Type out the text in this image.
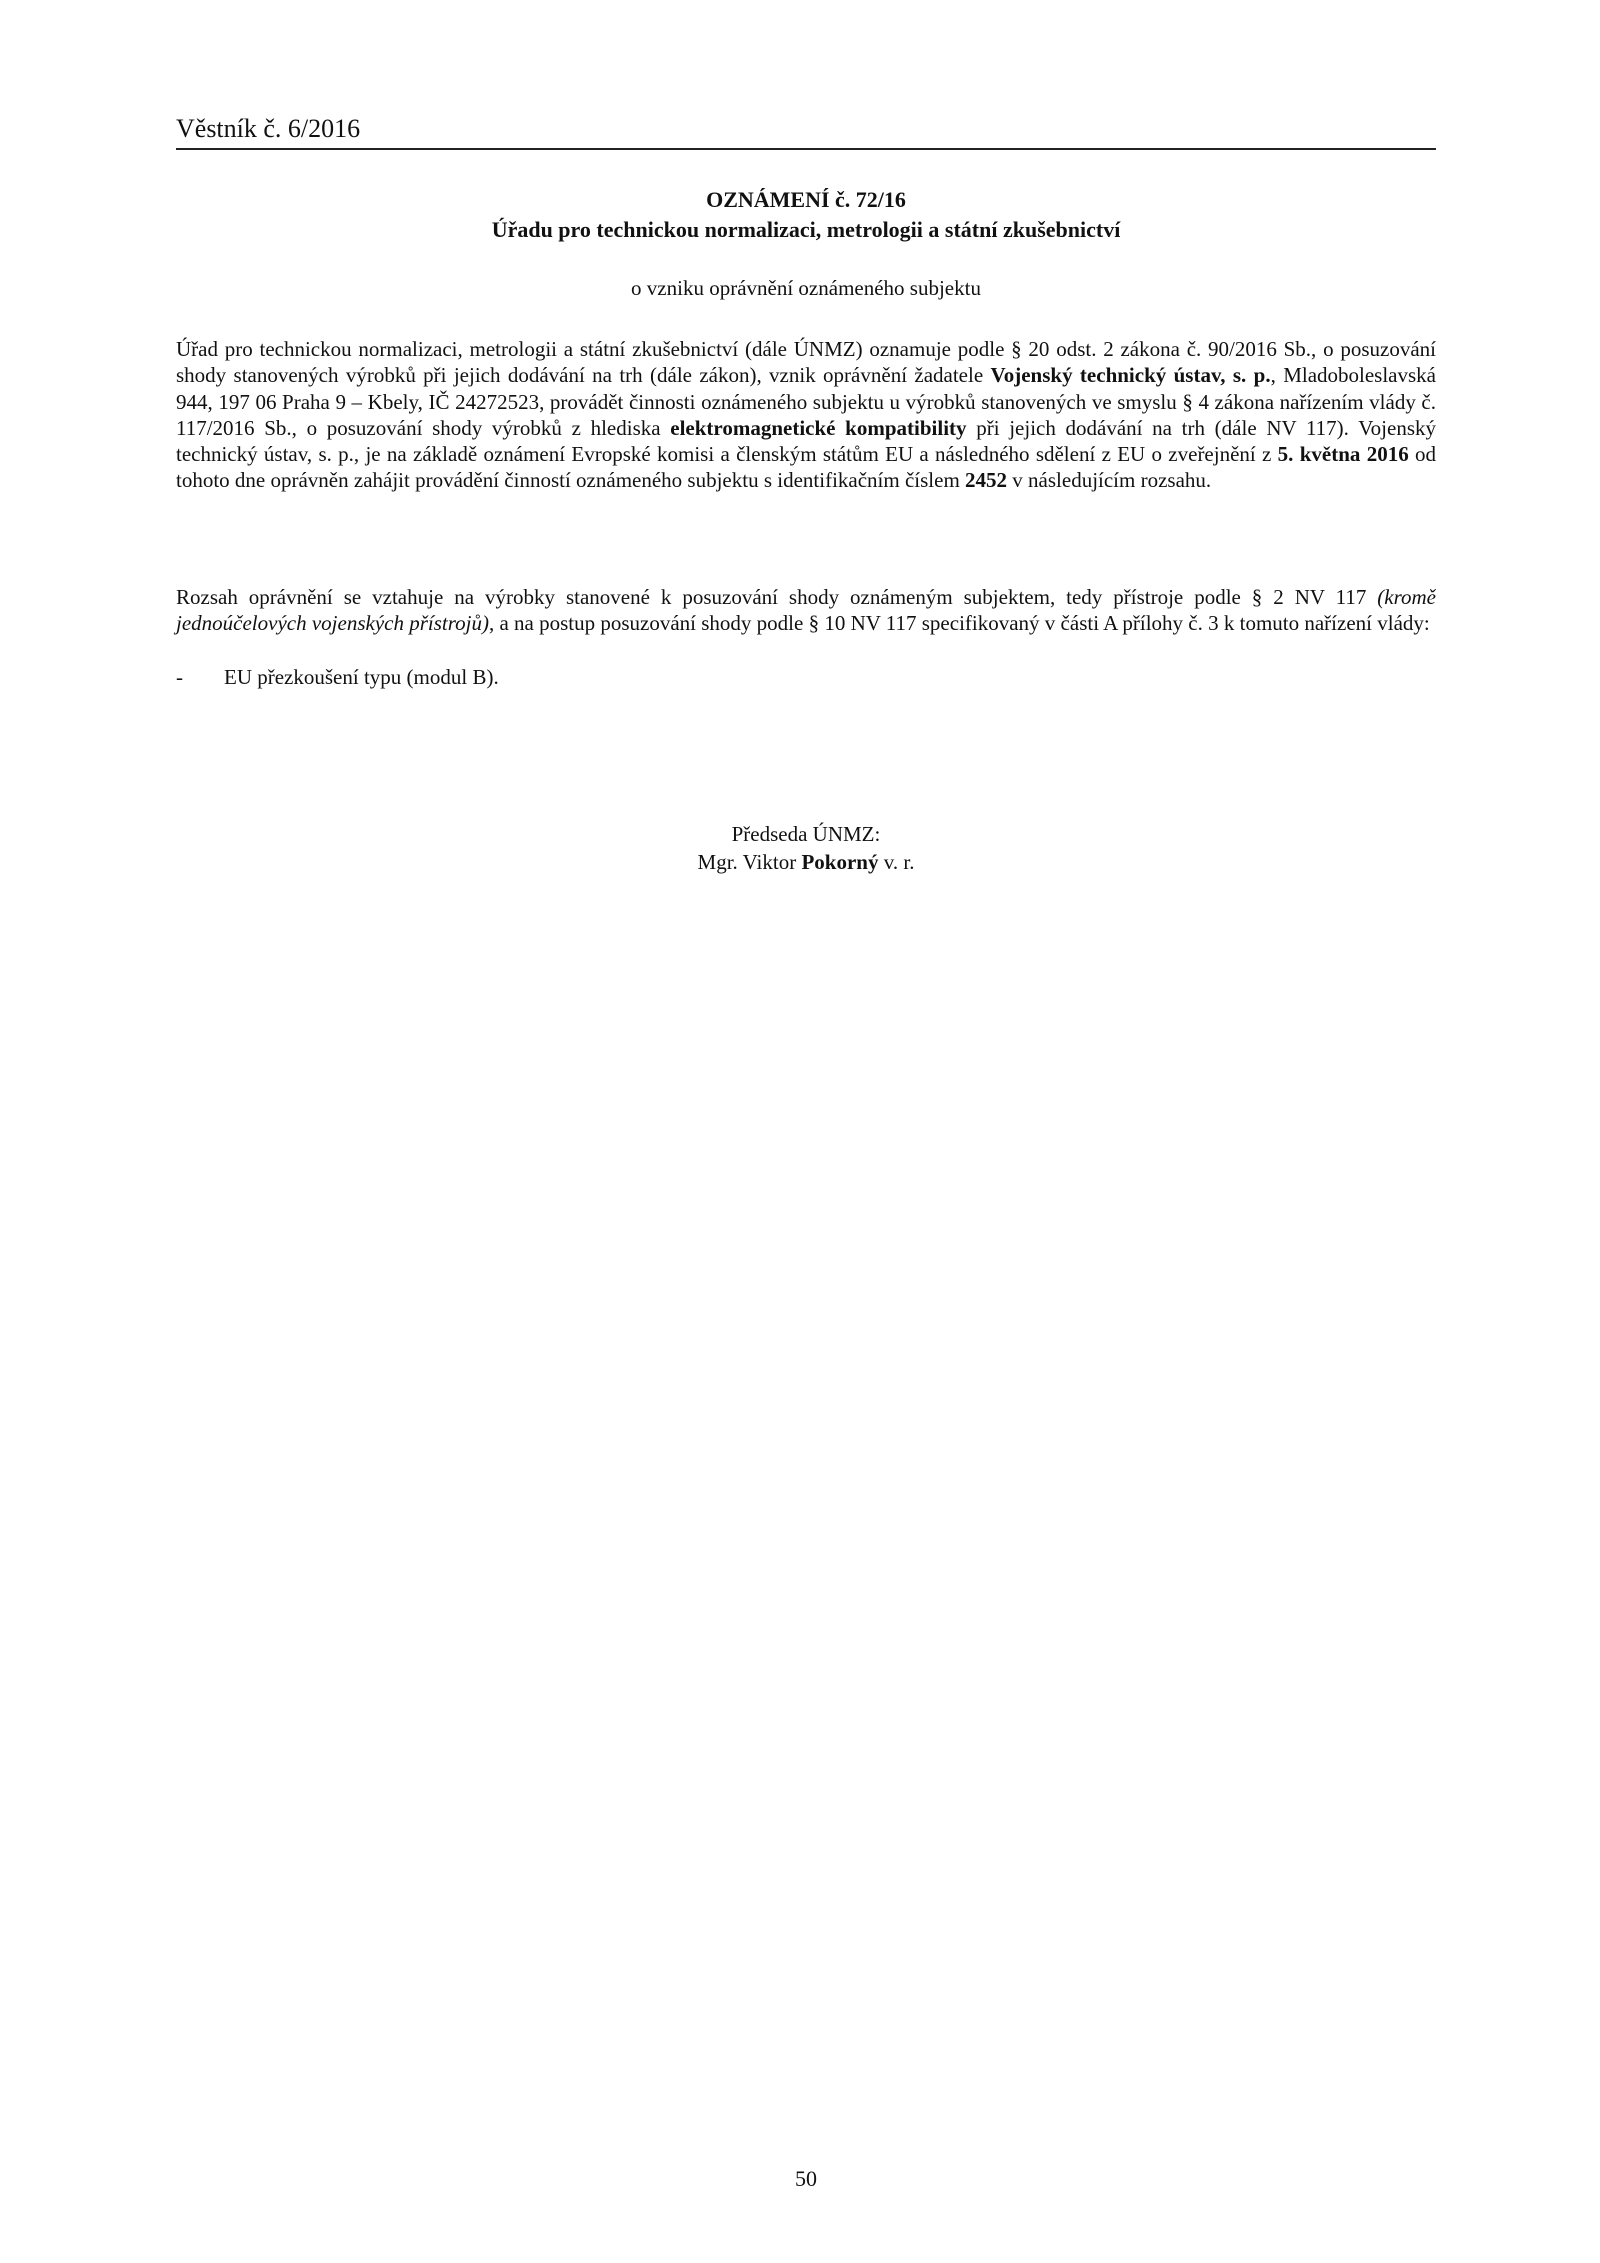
Věstník č. 6/2016
OZNÁMENÍ č. 72/16
Úřadu pro technickou normalizaci, metrologii a státní zkušebnictví
o vzniku oprávnění oznámeného subjektu
Úřad pro technickou normalizaci, metrologii a státní zkušebnictví (dále ÚNMZ) oznamuje podle § 20 odst. 2 zákona č. 90/2016 Sb., o posuzování shody stanovených výrobků při jejich dodávání na trh (dále zákon), vznik oprávnění žadatele Vojenský technický ústav, s. p., Mladoboleslavská 944, 197 06 Praha 9 – Kbely, IČ 24272523, provádět činnosti oznámeného subjektu u výrobků stanovených ve smyslu § 4 zákona nařízením vlády č. 117/2016 Sb., o posuzování shody výrobků z hlediska elektromagnetické kompatibility při jejich dodávání na trh (dále NV 117). Vojenský technický ústav, s. p., je na základě oznámení Evropské komisi a členským státům EU a následného sdělení z EU o zveřejnění z 5. května 2016 od tohoto dne oprávněn zahájit provádění činností oznámeného subjektu s identifikačním číslem 2452 v následujícím rozsahu.
Rozsah oprávnění se vztahuje na výrobky stanovené k posuzování shody oznámeným subjektem, tedy přístroje podle § 2 NV 117 (kromě jednoúčelových vojenských přístrojů), a na postup posuzování shody podle § 10 NV 117 specifikovaný v části A přílohy č. 3 k tomuto nařízení vlády:
- EU přezkoušení typu (modul B).
Předseda ÚNMZ:
Mgr. Viktor Pokorný v. r.
50
